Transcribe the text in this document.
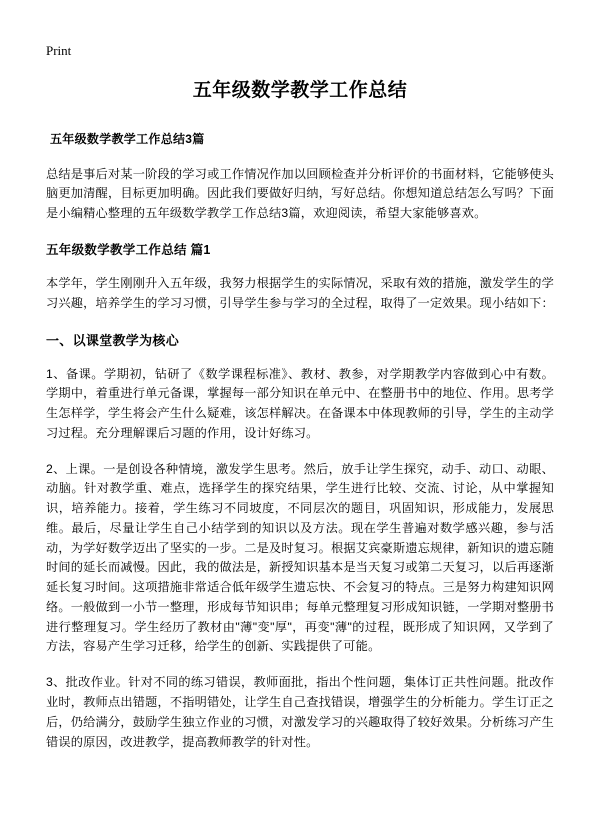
Print
五年级数学教学工作总结
五年级数学教学工作总结3篇

总结是事后对某一阶段的学习或工作情况作加以回顾检查并分析评价的书面材料，它能够使头脑更加清醒，目标更加明确。因此我们要做好归纳，写好总结。你想知道总结怎么写吗？下面是小编精心整理的五年级数学教学工作总结3篇，欢迎阅读，希望大家能够喜欢。

五年级数学教学工作总结 篇1

本学年，学生刚刚升入五年级，我努力根据学生的实际情况，采取有效的措施，激发学生的学习兴趣，培养学生的学习习惯，引导学生参与学习的全过程，取得了一定效果。现小结如下：

一、以课堂教学为核心

1、备课。学期初，钻研了《数学课程标准》、教材、教参，对学期教学内容做到心中有数。学期中，着重进行单元备课，掌握每一部分知识在单元中、在整册书中的地位、作用。思考学生怎样学，学生将会产生什么疑难，该怎样解决。在备课本中体现教师的引导，学生的主动学习过程。充分理解课后习题的作用，设计好练习。

2、上课。一是创设各种情境，激发学生思考。然后，放手让学生探究，动手、动口、动眼、动脑。针对教学重、难点，选择学生的探究结果，学生进行比较、交流、讨论，从中掌握知识，培养能力。接着，学生练习不同坡度，不同层次的题目，巩固知识，形成能力，发展思维。最后，尽量让学生自己小结学到的知识以及方法。现在学生普遍对数学感兴趣，参与活动，为学好数学迈出了坚实的一步。二是及时复习。根据艾宾豪斯遗忘规律，新知识的遗忘随时间的延长而减慢。因此，我的做法是，新授知识基本是当天复习或第二天复习，以后再逐渐延长复习时间。这项措施非常适合低年级学生遗忘快、不会复习的特点。三是努力构建知识网络。一般做到一小节一整理，形成每节知识串；每单元整理复习形成知识链，一学期对整册书进行整理复习。学生经历了教材由"薄"变"厚"，再变"薄"的过程，既形成了知识网，又学到了方法，容易产生学习迁移，给学生的创新、实践提供了可能。

3、批改作业。针对不同的练习错误，教师面批，指出个性问题，集体订正共性问题。批改作业时，教师点出错题，不指明错处，让学生自己查找错误，增强学生的分析能力。学生订正之后，仍给满分，鼓励学生独立作业的习惯，对激发学习的兴趣取得了较好效果。分析练习产生错误的原因，改进教学，提高教师教学的针对性。
